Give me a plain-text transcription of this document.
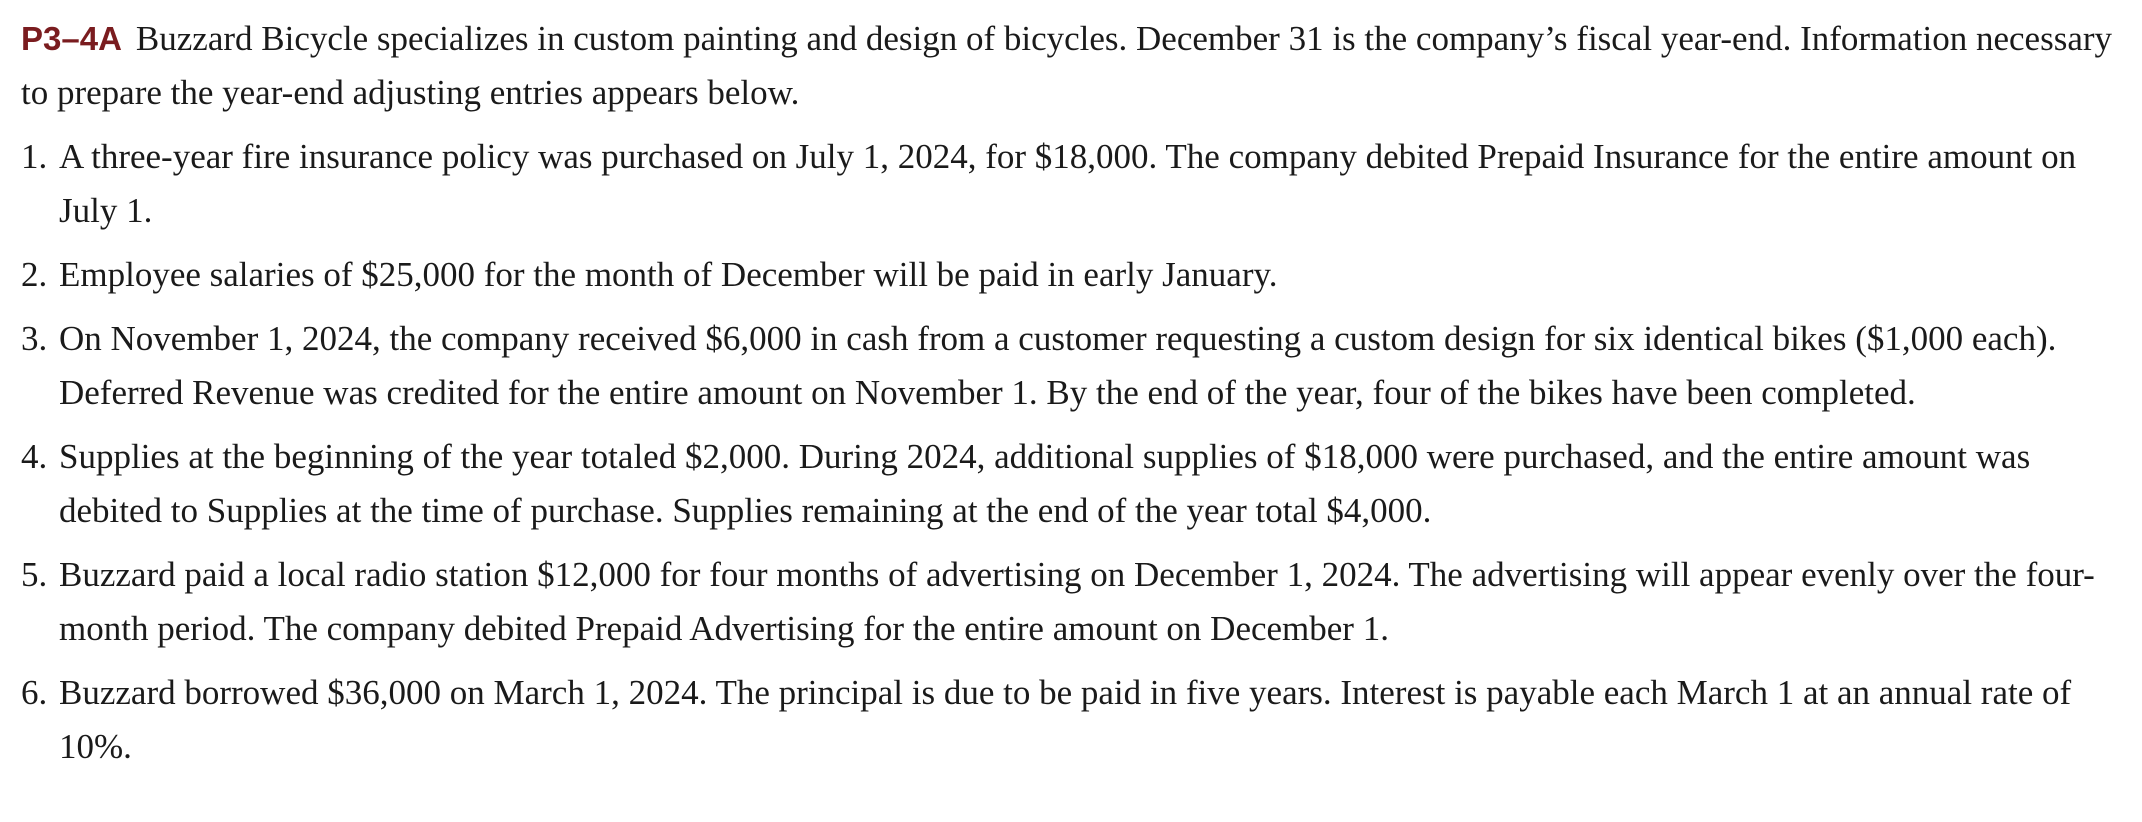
P3–4A Buzzard Bicycle specializes in custom painting and design of bicycles. December 31 is the company’s fiscal year-end. Information necessary to prepare the year-end adjusting entries appears below.

1. A three-year fire insurance policy was purchased on July 1, 2024, for $18,000. The company debited Prepaid Insurance for the entire amount on July 1.
2. Employee salaries of $25,000 for the month of December will be paid in early January.
3. On November 1, 2024, the company received $6,000 in cash from a customer requesting a custom design for six identical bikes ($1,000 each). Deferred Revenue was credited for the entire amount on November 1. By the end of the year, four of the bikes have been completed.
4. Supplies at the beginning of the year totaled $2,000. During 2024, additional supplies of $18,000 were purchased, and the entire amount was debited to Supplies at the time of purchase. Supplies remaining at the end of the year total $4,000.
5. Buzzard paid a local radio station $12,000 for four months of advertising on December 1, 2024. The advertising will appear evenly over the four-month period. The company debited Prepaid Advertising for the entire amount on December 1.
6. Buzzard borrowed $36,000 on March 1, 2024. The principal is due to be paid in five years. Interest is payable each March 1 at an annual rate of 10%.
